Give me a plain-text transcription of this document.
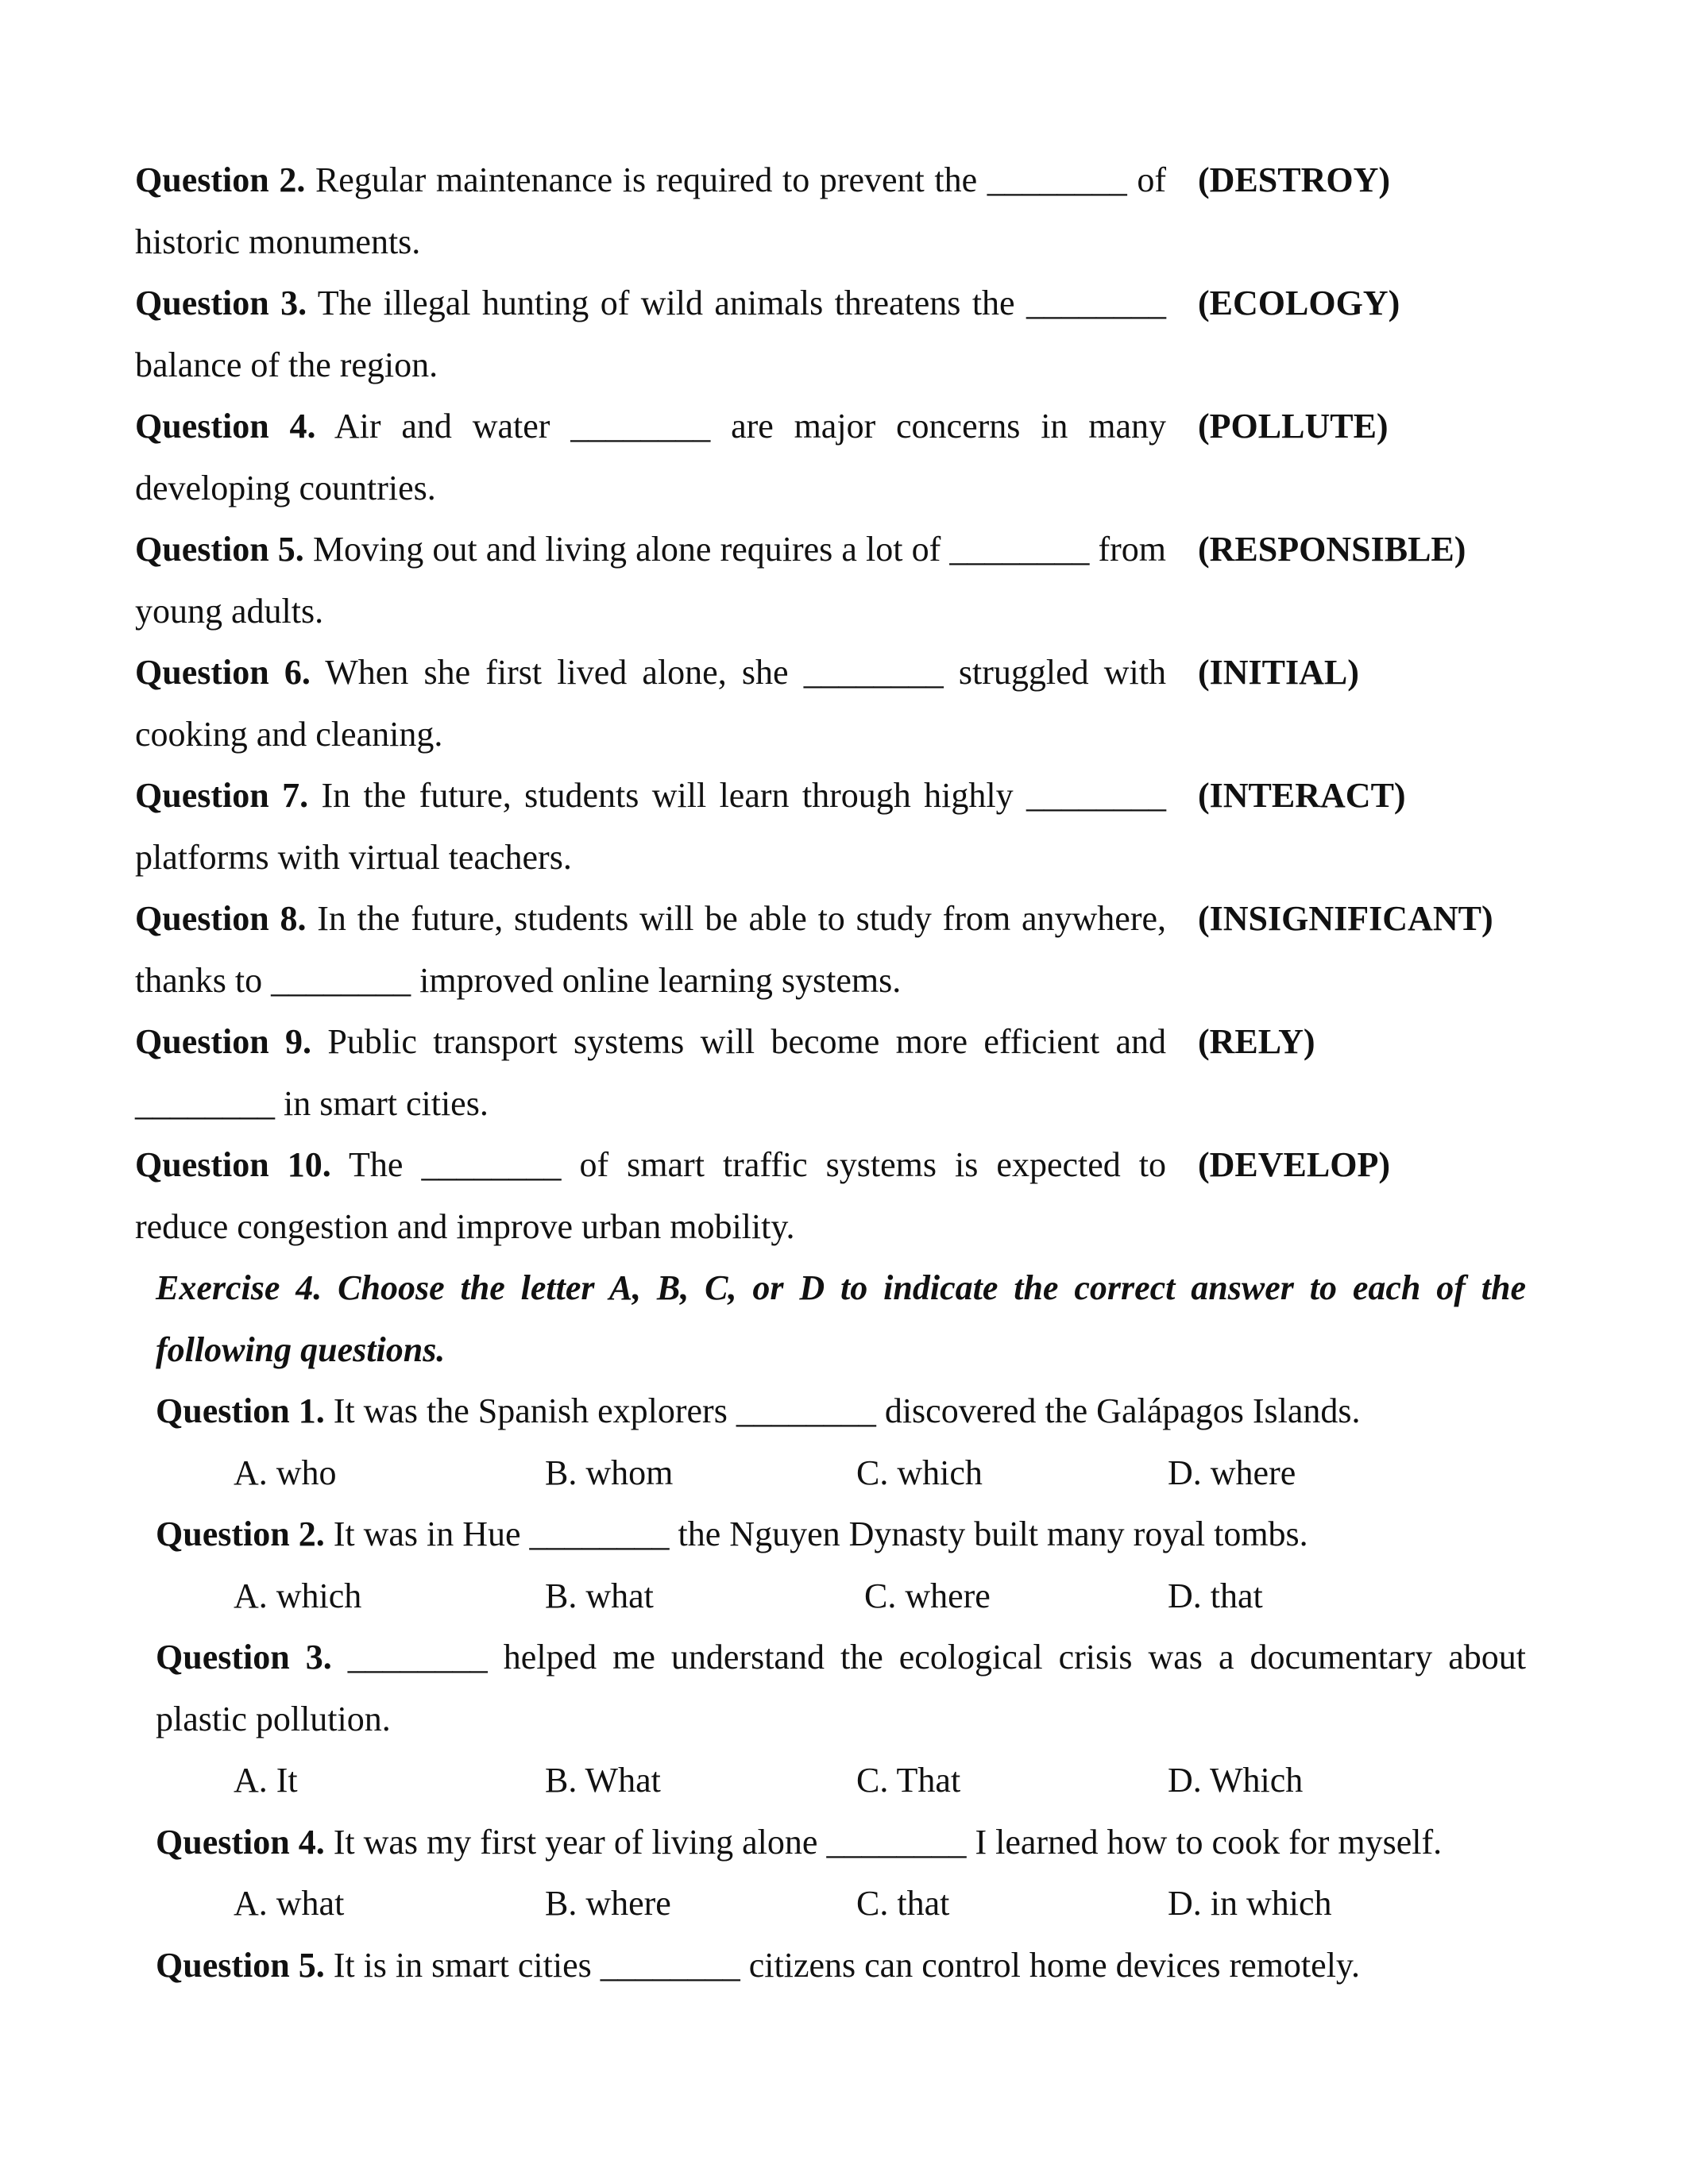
Question 2. Regular maintenance is required to prevent the ________ of historic monuments.
(DESTROY)
Question 3. The illegal hunting of wild animals threatens the ________ balance of the region.
(ECOLOGY)
Question 4. Air and water ________ are major concerns in many developing countries.
(POLLUTE)
Question 5. Moving out and living alone requires a lot of ________ from young adults.
(RESPONSIBLE)
Question 6. When she first lived alone, she ________ struggled with cooking and cleaning.
(INITIAL)
Question 7. In the future, students will learn through highly ________ platforms with virtual teachers.
(INTERACT)
Question 8. In the future, students will be able to study from anywhere, thanks to ________ improved online learning systems.
(INSIGNIFICANT)
Question 9. Public transport systems will become more efficient and ________ in smart cities.
(RELY)
Question 10. The ________ of smart traffic systems is expected to reduce congestion and improve urban mobility.
(DEVELOP)
Exercise 4. Choose the letter A, B, C, or D to indicate the correct answer to each of the following questions.
Question 1. It was the Spanish explorers ________ discovered the Galápagos Islands.
A. who	B. whom	C. which	D. where
Question 2. It was in Hue ________ the Nguyen Dynasty built many royal tombs.
A. which	B. what	C. where	D. that
Question 3. ________ helped me understand the ecological crisis was a documentary about plastic pollution.
A. It	B. What	C. That	D. Which
Question 4. It was my first year of living alone ________ I learned how to cook for myself.
A. what	B. where	C. that	D. in which
Question 5. It is in smart cities ________ citizens can control home devices remotely.
